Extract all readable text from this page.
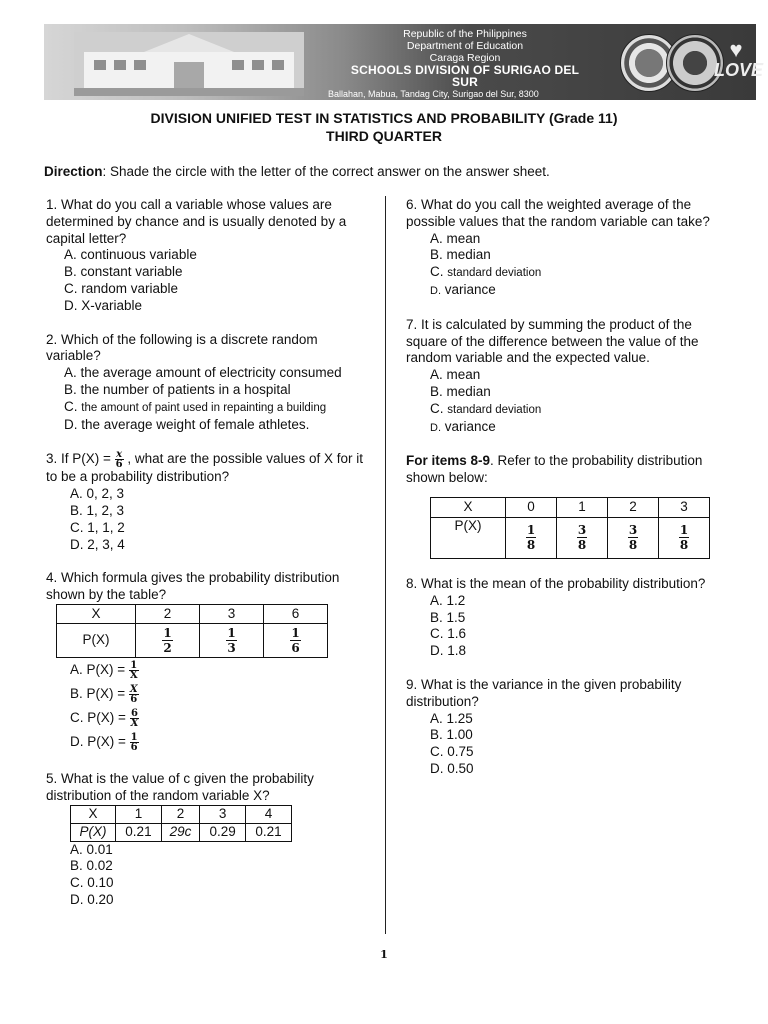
Republic of the Philippines
Department of Education
Caraga Region
SCHOOLS DIVISION OF SURIGAO DEL SUR
Ballahan, Mabua, Tandag City, Surigao del Sur, 8300
♥
LOVE
DIVISION UNIFIED TEST IN STATISTICS AND PROBABILITY (Grade 11)
THIRD QUARTER
Direction: Shade the circle with the letter of the correct answer on the answer sheet.

1. What do you call a variable whose values are determined by chance and is usually denoted by a capital letter?

A. continuous variable
B. constant variable
C. random variable
D. X-variable

2. Which of the following is a discrete random variable?

A. the average amount of electricity consumed
B. the number of patients in a hospital
C. the amount of paint used in repainting a building
D. the average weight of female athletes.

3. If $P(X) = \frac{x}{6}$ , what are the possible values of X for it to be a probability distribution?

A. 0, 2, 3
B. 1, 2, 3
C. 1, 1, 2
D. 2, 3, 4

4. Which formula gives the probability distribution shown by the table?

X	2	3	6
P(X)	$\frac{1}{2}$	$\frac{1}{3}$	$\frac{1}{6}$
A. $P(X) = \frac{1}{X}$
B. $P(X) = \frac{X}{6}$
C. $P(X) = \frac{6}{X}$
D. $P(X) = \frac{1}{6}$

5. What is the value of c given the probability distribution of the random variable X?

X	1	2	3	4
P(X)	0.21	29c	0.29	0.21
A. 0.01
B. 0.02
C. 0.10
D. 0.20

6. What do you call the weighted average of the possible values that the random variable can take?

A. mean
B. median
C. standard deviation
D. variance

7. It is calculated by summing the product of the square of the difference between the value of the random variable and the expected value.

A. mean
B. median
C. standard deviation
D. variance

For items 8-9. Refer to the probability distribution shown below:

X	0	1	2	3
P(X)	$\frac{1}{8}$	$\frac{3}{8}$	$\frac{3}{8}$	$\frac{1}{8}$

8. What is the mean of the probability distribution?

A. 1.2
B. 1.5
C. 1.6
D. 1.8

9. What is the variance in the given probability distribution?

A. 1.25
B. 1.00
C. 0.75
D. 0.50
1
